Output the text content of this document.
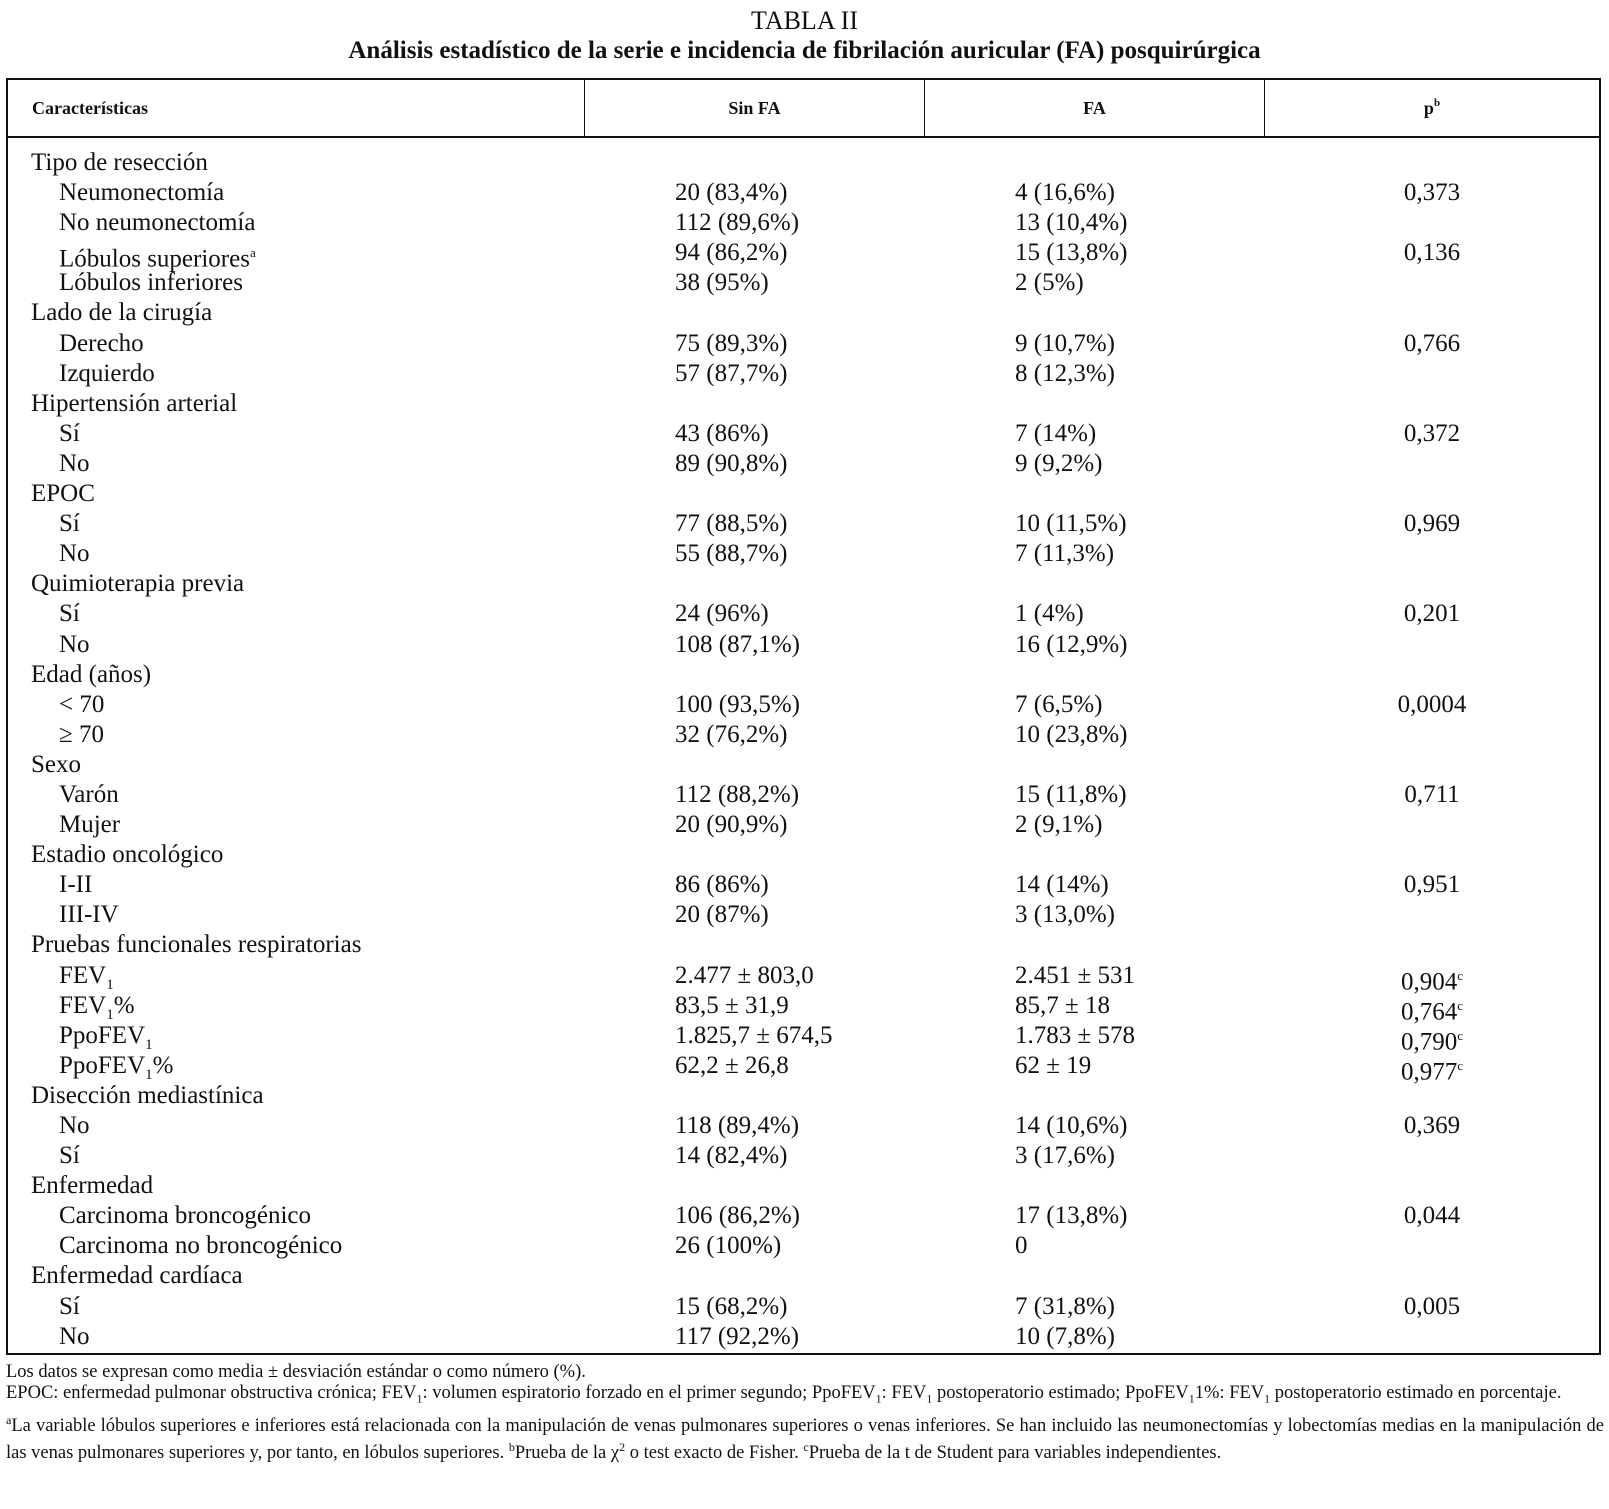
TABLA II
Análisis estadístico de la serie e incidencia de fibrilación auricular (FA) posquirúrgica
Características	Sin FA	FA	$p^b$
Tipo de resección
Neumonectomía	20 (83,4%)	4 (16,6%)	0,373
No neumonectomía	112 (89,6%)	13 (10,4%)
Lóbulos superiores$^a$	94 (86,2%)	15 (13,8%)	0,136
Lóbulos inferiores	38 (95%)	2 (5%)
Lado de la cirugía
Derecho	75 (89,3%)	9 (10,7%)	0,766
Izquierdo	57 (87,7%)	8 (12,3%)
Hipertensión arterial
Sí	43 (86%)	7 (14%)	0,372
No	89 (90,8%)	9 (9,2%)
EPOC
Sí	77 (88,5%)	10 (11,5%)	0,969
No	55 (88,7%)	7 (11,3%)
Quimioterapia previa
Sí	24 (96%)	1 (4%)	0,201
No	108 (87,1%)	16 (12,9%)
Edad (años)
< 70	100 (93,5%)	7 (6,5%)	0,0004
≥ 70	32 (76,2%)	10 (23,8%)
Sexo
Varón	112 (88,2%)	15 (11,8%)	0,711
Mujer	20 (90,9%)	2 (9,1%)
Estadio oncológico
I-II	86 (86%)	14 (14%)	0,951
III-IV	20 (87%)	3 (13,0%)
Pruebas funcionales respiratorias
$FEV_1$	2.477 ± 803,0	2.451 ± 531	0,904$^c$
$FEV_1\%$	83,5 ± 31,9	85,7 ± 18	0,764$^c$
PpoFEV$_1$	1.825,7 ± 674,5	1.783 ± 578	0,790$^c$
PpoFEV$_1$%	62,2 ± 26,8	62 ± 19	0,977$^c$
Disección mediastínica
No	118 (89,4%)	14 (10,6%)	0,369
Sí	14 (82,4%)	3 (17,6%)
Enfermedad
Carcinoma broncogénico	106 (86,2%)	17 (13,8%)	0,044
Carcinoma no broncogénico	26 (100%)	0
Enfermedad cardíaca
Sí	15 (68,2%)	7 (31,8%)	0,005
No	117 (92,2%)	10 (7,8%)

Los datos se expresan como media ± desviación estándar o como número (%).

EPOC: enfermedad pulmonar obstructiva crónica; $FEV_1$: volumen espiratorio forzado en el primer segundo; PpoFEV$_1$: $FEV_1$ postoperatorio estimado; PpoFEV$_1$1%: $FEV_1$ postoperatorio estimado en porcentaje.

$^a$La variable lóbulos superiores e inferiores está relacionada con la manipulación de venas pulmonares superiores o venas inferiores. Se han incluido las neumonectomías y lobectomías medias en la manipulación de las venas pulmonares superiores y, por tanto, en lóbulos superiores. $^b$Prueba de la $\chi^2$ o test exacto de Fisher. $^c$Prueba de la t de Student para variables independientes.
